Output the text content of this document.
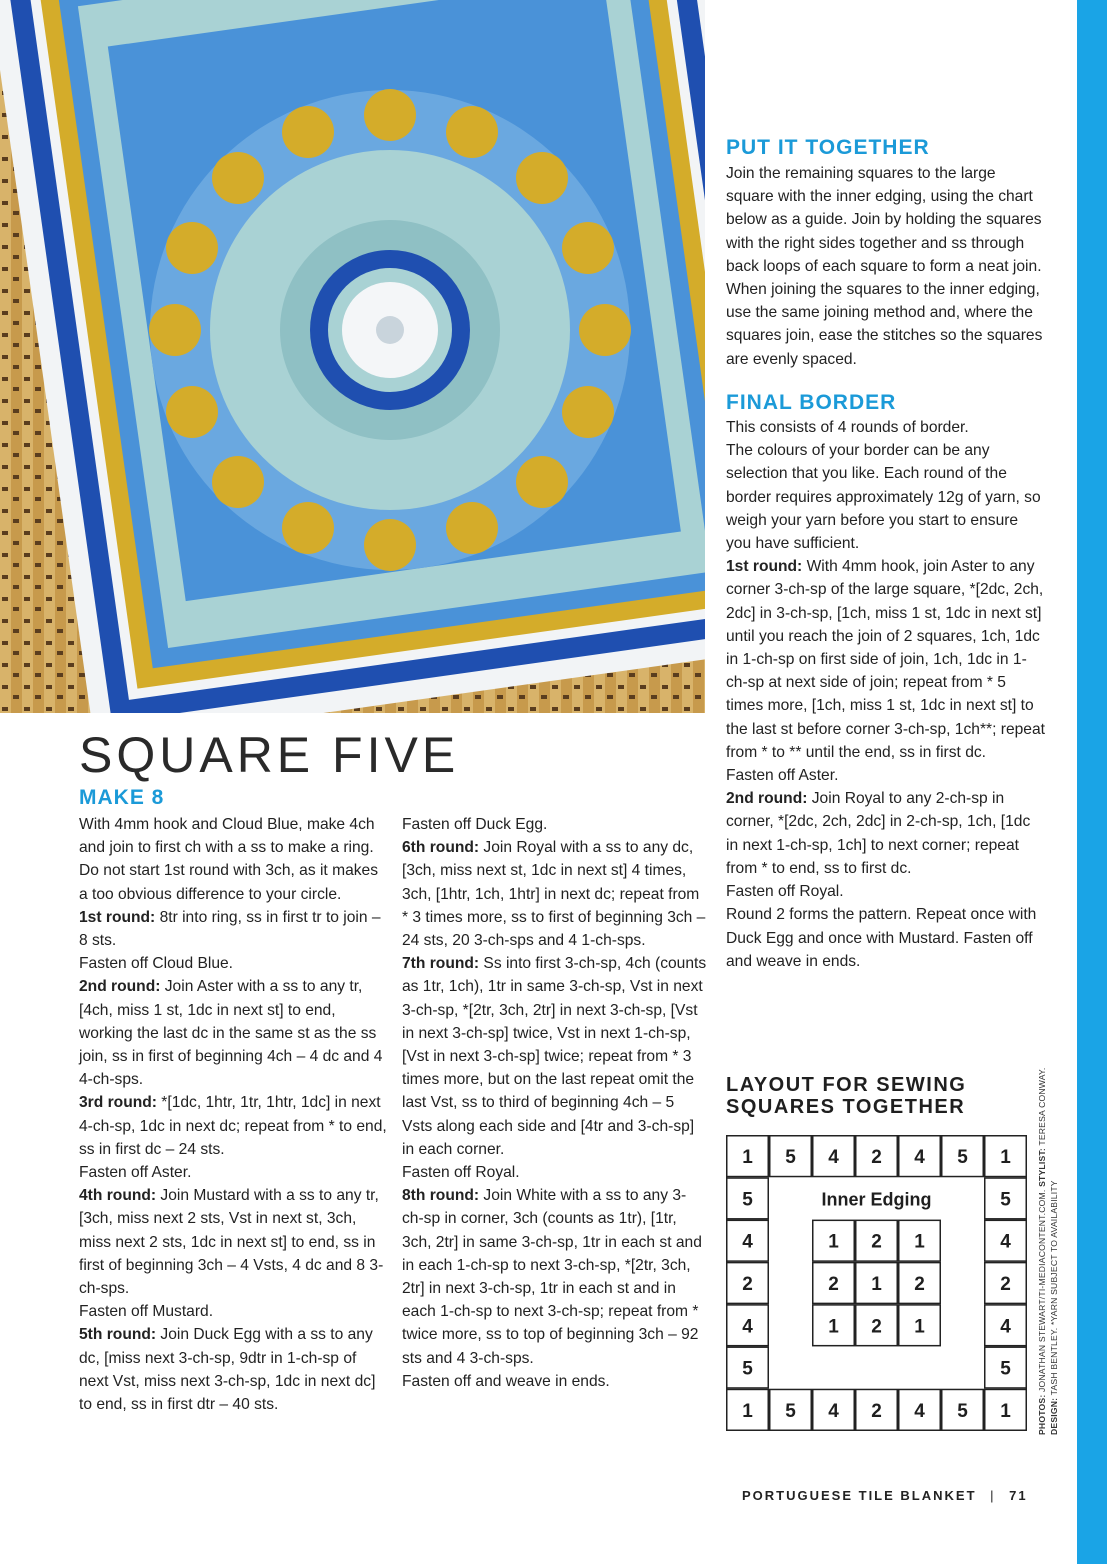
SQUARE FIVE
MAKE 8

With 4mm hook and Cloud Blue, make 4ch and join to first ch with a ss to make a ring. Do not start 1st round with 3ch, as it makes a too obvious difference to your circle.

1st round: 8tr into ring, ss in first tr to join – 8 sts.

Fasten off Cloud Blue.

2nd round: Join Aster with a ss to any tr, [4ch, miss 1 st, 1dc in next st] to end, working the last dc in the same st as the ss join, ss in first of beginning 4ch – 4 dc and 4 4-ch-sps.

3rd round: *[1dc, 1htr, 1tr, 1htr, 1dc] in next 4-ch-sp, 1dc in next dc; repeat from * to end, ss in first dc – 24 sts.

Fasten off Aster.

4th round: Join Mustard with a ss to any tr, [3ch, miss next 2 sts, Vst in next st, 3ch, miss next 2 sts, 1dc in next st] to end, ss in first of beginning 3ch – 4 Vsts, 4 dc and 8 3-ch-sps.

Fasten off Mustard.

5th round: Join Duck Egg with a ss to any dc, [miss next 3-ch-sp, 9dtr in 1-ch-sp of next Vst, miss next 3-ch-sp, 1dc in next dc] to end, ss in first dtr – 40 sts.

Fasten off Duck Egg.

6th round: Join Royal with a ss to any dc, [3ch, miss next st, 1dc in next st] 4 times, 3ch, [1htr, 1ch, 1htr] in next dc; repeat from * 3 times more, ss to first of beginning 3ch – 24 sts, 20 3-ch-sps and 4 1-ch-sps.

7th round: Ss into first 3-ch-sp, 4ch (counts as 1tr, 1ch), 1tr in same 3-ch-sp, Vst in next 3-ch-sp, *[2tr, 3ch, 2tr] in next 3-ch-sp, [Vst in next 3-ch-sp] twice, Vst in next 1-ch-sp, [Vst in next 3-ch-sp] twice; repeat from * 3 times more, but on the last repeat omit the last Vst, ss to third of beginning 4ch – 5 Vsts along each side and [4tr and 3-ch-sp] in each corner.

Fasten off Royal.

8th round: Join White with a ss to any 3-ch-sp in corner, 3ch (counts as 1tr), [1tr, 3ch, 2tr] in same 3-ch-sp, 1tr in each st and in each 1-ch-sp to next 3-ch-sp, *[2tr, 3ch, 2tr] in next 3-ch-sp, 1tr in each st and in each 1-ch-sp to next 3-ch-sp; repeat from * twice more, ss to top of beginning 3ch – 92 sts and 4 3-ch-sps.

Fasten off and weave in ends.

PUT IT TOGETHER

Join the remaining squares to the large square with the inner edging, using the chart below as a guide. Join by holding the squares with the right sides together and ss through back loops of each square to form a neat join. When joining the squares to the inner edging, use the same joining method and, where the squares join, ease the stitches so the squares are evenly spaced.

FINAL BORDER

This consists of 4 rounds of border.

The colours of your border can be any selection that you like. Each round of the border requires approximately 12g of yarn, so weigh your yarn before you start to ensure you have sufficient.

1st round: With 4mm hook, join Aster to any corner 3-ch-sp of the large square, *[2dc, 2ch, 2dc] in 3-ch-sp, [1ch, miss 1 st, 1dc in next st] until you reach the join of 2 squares, 1ch, 1dc in 1-ch-sp on first side of join, 1ch, 1dc in 1-ch-sp at next side of join; repeat from * 5 times more, [1ch, miss 1 st, 1dc in next st] to the last st before corner 3-ch-sp, 1ch**; repeat from * to ** until the end, ss in first dc.

Fasten off Aster.

2nd round: Join Royal to any 2-ch-sp in corner, *[2dc, 2ch, 2dc] in 2-ch-sp, 1ch, [1dc in next 1-ch-sp, 1ch] to next corner; repeat from * to end, ss to first dc.

Fasten off Royal.

Round 2 forms the pattern. Repeat once with Duck Egg and once with Mustard. Fasten off and weave in ends.

LAYOUT FOR SEWING
SQUARES TOGETHER
1 5 4 2 4 5 1
1 5 4 2 4 5 1
5
4
2
4
5
5
4
2
4
5
Inner Edging
1 2 1
2 1 2
1 2 1

PHOTOS: JONATHAN STEWART/TI-MEDIACONTENT.COM. STYLIST: TERESA CONWAY.

DESIGN: TASH BENTLEY. *YARN SUBJECT TO AVAILABILITY

PORTUGUESE TILE BLANKET | 71
